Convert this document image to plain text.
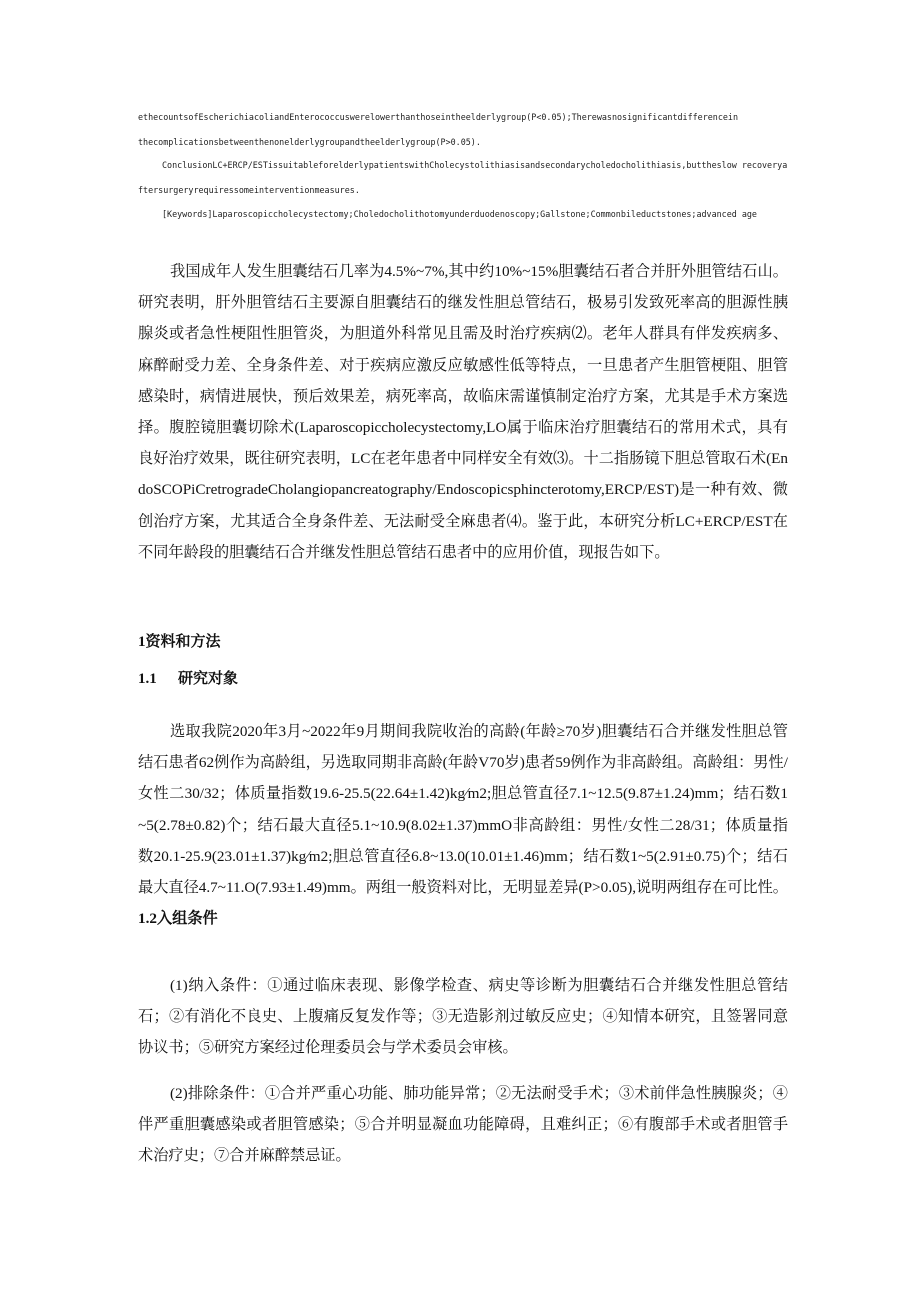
ethecountsofEscherichiacoliandEnterococcuswerelowerthanthoseintheelderlygroup(P<0.05);Therewasnosignificantdifferencein

thecomplicationsbetweenthenonelderlygroupandtheelderlygroup(P>0.05).

ConclusionLC+ERCP/ESTissuitableforelderlypatientswithCholecystolithiasisandsecondarycholedocholithiasis,buttheslow recoveryaftersurgeryrequiressomeinterventionmeasures.

[Keywords]Laparoscopiccholecystectomy;Choledocholithotomyunderduodenoscopy;Gallstone;Commonbileductstones;advanced age

我国成年人发生胆囊结石几率为4.5%~7%,其中约10%~15%胆囊结石者合并肝外胆管结石山。研究表明，肝外胆管结石主要源自胆囊结石的继发性胆总管结石，极易引发致死率高的胆源性胰腺炎或者急性梗阻性胆管炎，为胆道外科常见且需及时治疗疾病⑵。老年人群具有伴发疾病多、麻醉耐受力差、全身条件差、对于疾病应激反应敏感性低等特点，一旦患者产生胆管梗阻、胆管感染时，病情进展快，预后效果差，病死率高，故临床需谨慎制定治疗方案，尤其是手术方案选择。腹腔镜胆囊切除术(Laparoscopiccholecystectomy,LO属于临床治疗胆囊结石的常用术式，具有良好治疗效果，既往研究表明，LC在老年患者中同样安全有效⑶。十二指肠镜下胆总管取石术(EndoSCOPiCretrogradeCholangiopancreatography/Endoscopicsphincterotomy,ERCP/EST)是一种有效、微创治疗方案，尤其适合全身条件差、无法耐受全麻患者⑷。鉴于此，本研究分析LC+ERCP/EST在不同年龄段的胆囊结石合并继发性胆总管结石患者中的应用价值，现报告如下。

1资料和方法

1.1 研究对象

选取我院2020年3月~2022年9月期间我院收治的高龄(年龄≥70岁)胆囊结石合并继发性胆总管结石患者62例作为高龄组，另选取同期非高龄(年龄V70岁)患者59例作为非高龄组。高龄组：男性/女性二30/32；体质量指数19.6-25.5(22.64±1.42)kg∕m2;胆总管直径7.1~12.5(9.87±1.24)mm；结石数1~5(2.78±0.82)个；结石最大直径5.1~10.9(8.02±1.37)mmO非高龄组：男性/女性二28/31；体质量指数20.1-25.9(23.01±1.37)kg∕m2;胆总管直径6.8~13.0(10.01±1.46)mm；结石数1~5(2.91±0.75)个；结石最大直径4.7~11.O(7.93±1.49)mm。两组一般资料对比，无明显差异(P>0.05),说明两组存在可比性。1.2入组条件

(1)纳入条件：①通过临床表现、影像学检查、病史等诊断为胆囊结石合并继发性胆总管结石；②有消化不良史、上腹痛反复发作等；③无造影剂过敏反应史；④知情本研究，且签署同意协议书；⑤研究方案经过伦理委员会与学术委员会审核。

(2)排除条件：①合并严重心功能、肺功能异常；②无法耐受手术；③术前伴急性胰腺炎；④伴严重胆囊感染或者胆管感染；⑤合并明显凝血功能障碍，且难纠正；⑥有腹部手术或者胆管手术治疗史；⑦合并麻醉禁忌证。
